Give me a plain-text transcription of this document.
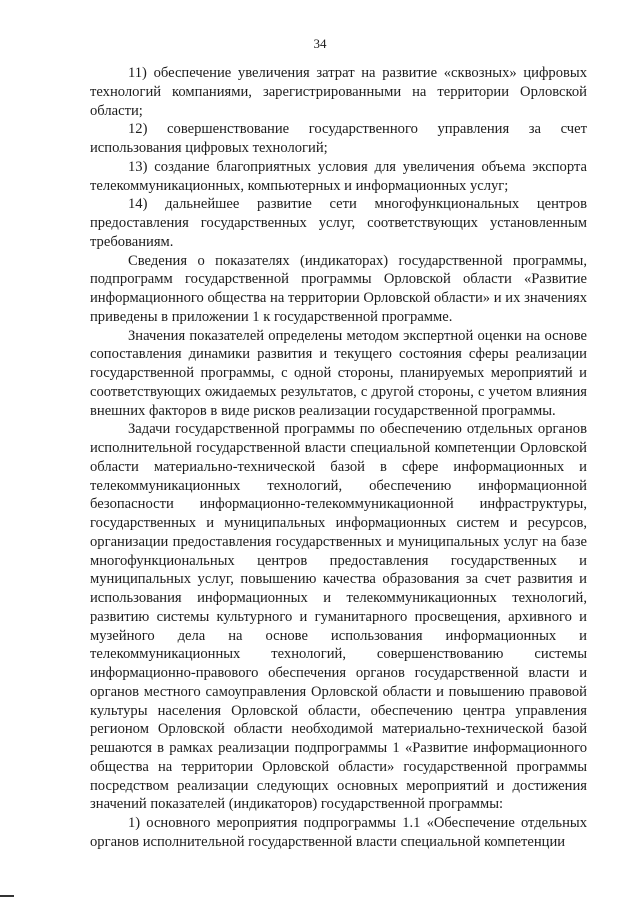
34

11) обеспечение увеличения затрат на развитие «сквозных» цифровых технологий компаниями, зарегистрированными на территории Орловской области;

12) совершенствование государственного управления за счет использования цифровых технологий;

13) создание благоприятных условия для увеличения объема экспорта телекоммуникационных, компьютерных и информационных услуг;

14) дальнейшее развитие сети многофункциональных центров предоставления государственных услуг, соответствующих установленным требованиям.

Сведения о показателях (индикаторах) государственной программы, подпрограмм государственной программы Орловской области «Развитие информационного общества на территории Орловской области» и их значениях приведены в приложении 1 к государственной программе.

Значения показателей определены методом экспертной оценки на основе сопоставления динамики развития и текущего состояния сферы реализации государственной программы, с одной стороны, планируемых мероприятий и соответствующих ожидаемых результатов, с другой стороны, с учетом влияния внешних факторов в виде рисков реализации государственной программы.

Задачи государственной программы по обеспечению отдельных органов исполнительной государственной власти специальной компетенции Орловской области материально-технической базой в сфере информационных и телекоммуникационных технологий, обеспечению информационной безопасности информационно-телекоммуникационной инфраструктуры, государственных и муниципальных информационных систем и ресурсов, организации предоставления государственных и муниципальных услуг на базе многофункциональных центров предоставления государственных и муниципальных услуг, повышению качества образования за счет развития и использования информационных и телекоммуникационных технологий, развитию системы культурного и гуманитарного просвещения, архивного и музейного дела на основе использования информационных и телекоммуникационных технологий, совершенствованию системы информационно-правового обеспечения органов государственной власти и органов местного самоуправления Орловской области и повышению правовой культуры населения Орловской области, обеспечению центра управления регионом Орловской области необходимой материально-технической базой решаются в рамках реализации подпрограммы 1 «Развитие информационного общества на территории Орловской области» государственной программы посредством реализации следующих основных мероприятий и достижения значений показателей (индикаторов) государственной программы:

1) основного мероприятия подпрограммы 1.1 «Обеспечение отдельных органов исполнительной государственной власти специальной компетенции
